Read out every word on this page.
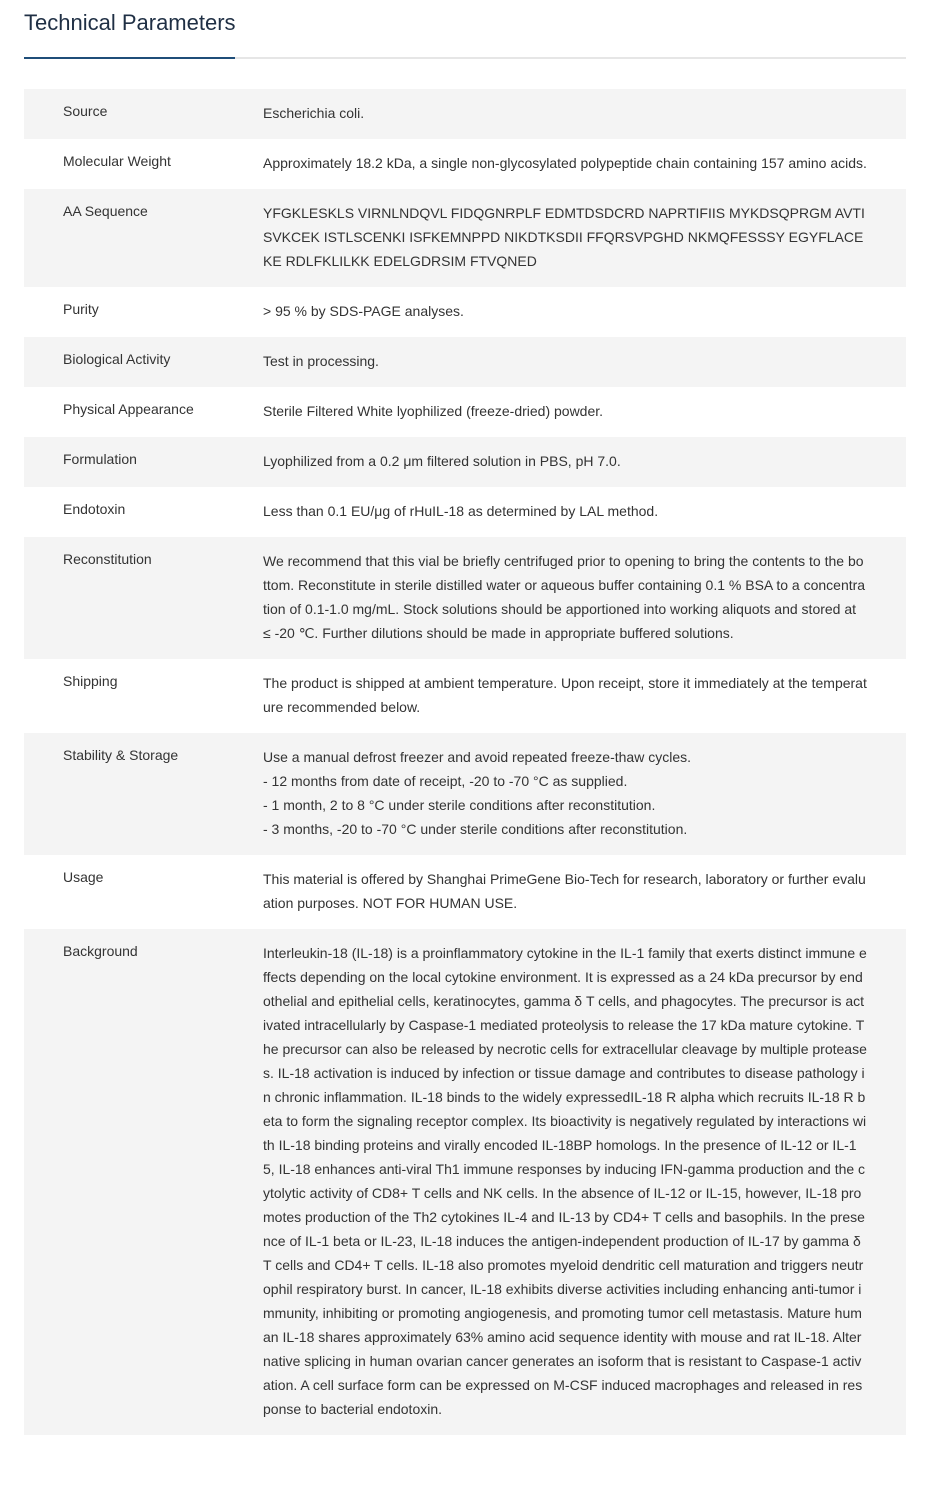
Technical Parameters
Source	Escherichia coli.
Molecular Weight	Approximately 18.2 kDa, a single non-glycosylated polypeptide chain containing 157 amino acids.
AA Sequence	YFGKLESKLS VIRNLNDQVL FIDQGNRPLF EDMTDSDCRD NAPRTIFIIS MYKDSQPRGM AVTISVKCEK ISTLSCENKI ISFKEMNPPD NIKDTKSDII FFQRSVPGHD NKMQFESSSY EGYFLACEKE RDLFKLILKK EDELGDRSIM FTVQNED
Purity	> 95 % by SDS-PAGE analyses.
Biological Activity	Test in processing.
Physical Appearance	Sterile Filtered White lyophilized (freeze-dried) powder.
Formulation	Lyophilized from a 0.2 μm filtered solution in PBS, pH 7.0.
Endotoxin	Less than 0.1 EU/μg of rHuIL-18 as determined by LAL method.
Reconstitution	We recommend that this vial be briefly centrifuged prior to opening to bring the contents to the bottom. Reconstitute in sterile distilled water or aqueous buffer containing 0.1 % BSA to a concentration of 0.1-1.0 mg/mL. Stock solutions should be apportioned into working aliquots and stored at ≤ -20 ℃. Further dilutions should be made in appropriate buffered solutions.
Shipping	The product is shipped at ambient temperature. Upon receipt, store it immediately at the temperature recommended below.
Stability & Storage	Use a manual defrost freezer and avoid repeated freeze-thaw cycles.
- 12 months from date of receipt, -20 to -70 °C as supplied.
- 1 month, 2 to 8 °C under sterile conditions after reconstitution.
- 3 months, -20 to -70 °C under sterile conditions after reconstitution.
Usage	This material is offered by Shanghai PrimeGene Bio-Tech for research, laboratory or further evaluation purposes. NOT FOR HUMAN USE.
Background	Interleukin-18 (IL-18) is a proinflammatory cytokine in the IL-1 family that exerts distinct immune effects depending on the local cytokine environment. It is expressed as a 24 kDa precursor by endothelial and epithelial cells, keratinocytes, gamma δ T cells, and phagocytes. The precursor is activated intracellularly by Caspase-1 mediated proteolysis to release the 17 kDa mature cytokine. The precursor can also be released by necrotic cells for extracellular cleavage by multiple proteases. IL-18 activation is induced by infection or tissue damage and contributes to disease pathology in chronic inflammation. IL-18 binds to the widely expressedIL-18 R alpha which recruits IL-18 R beta to form the signaling receptor complex. Its bioactivity is negatively regulated by interactions with IL-18 binding proteins and virally encoded IL-18BP homologs. In the presence of IL-12 or IL-15, IL-18 enhances anti-viral Th1 immune responses by inducing IFN-gamma production and the cytolytic activity of CD8+ T cells and NK cells. In the absence of IL-12 or IL-15, however, IL-18 promotes production of the Th2 cytokines IL-4 and IL-13 by CD4+ T cells and basophils. In the presence of IL-1 beta or IL-23, IL-18 induces the antigen-independent production of IL-17 by gamma δ T cells and CD4+ T cells. IL-18 also promotes myeloid dendritic cell maturation and triggers neutrophil respiratory burst. In cancer, IL-18 exhibits diverse activities including enhancing anti-tumor immunity, inhibiting or promoting angiogenesis, and promoting tumor cell metastasis. Mature human IL-18 shares approximately 63% amino acid sequence identity with mouse and rat IL-18. Alternative splicing in human ovarian cancer generates an isoform that is resistant to Caspase-1 activation. A cell surface form can be expressed on M-CSF induced macrophages and released in response to bacterial endotoxin.
